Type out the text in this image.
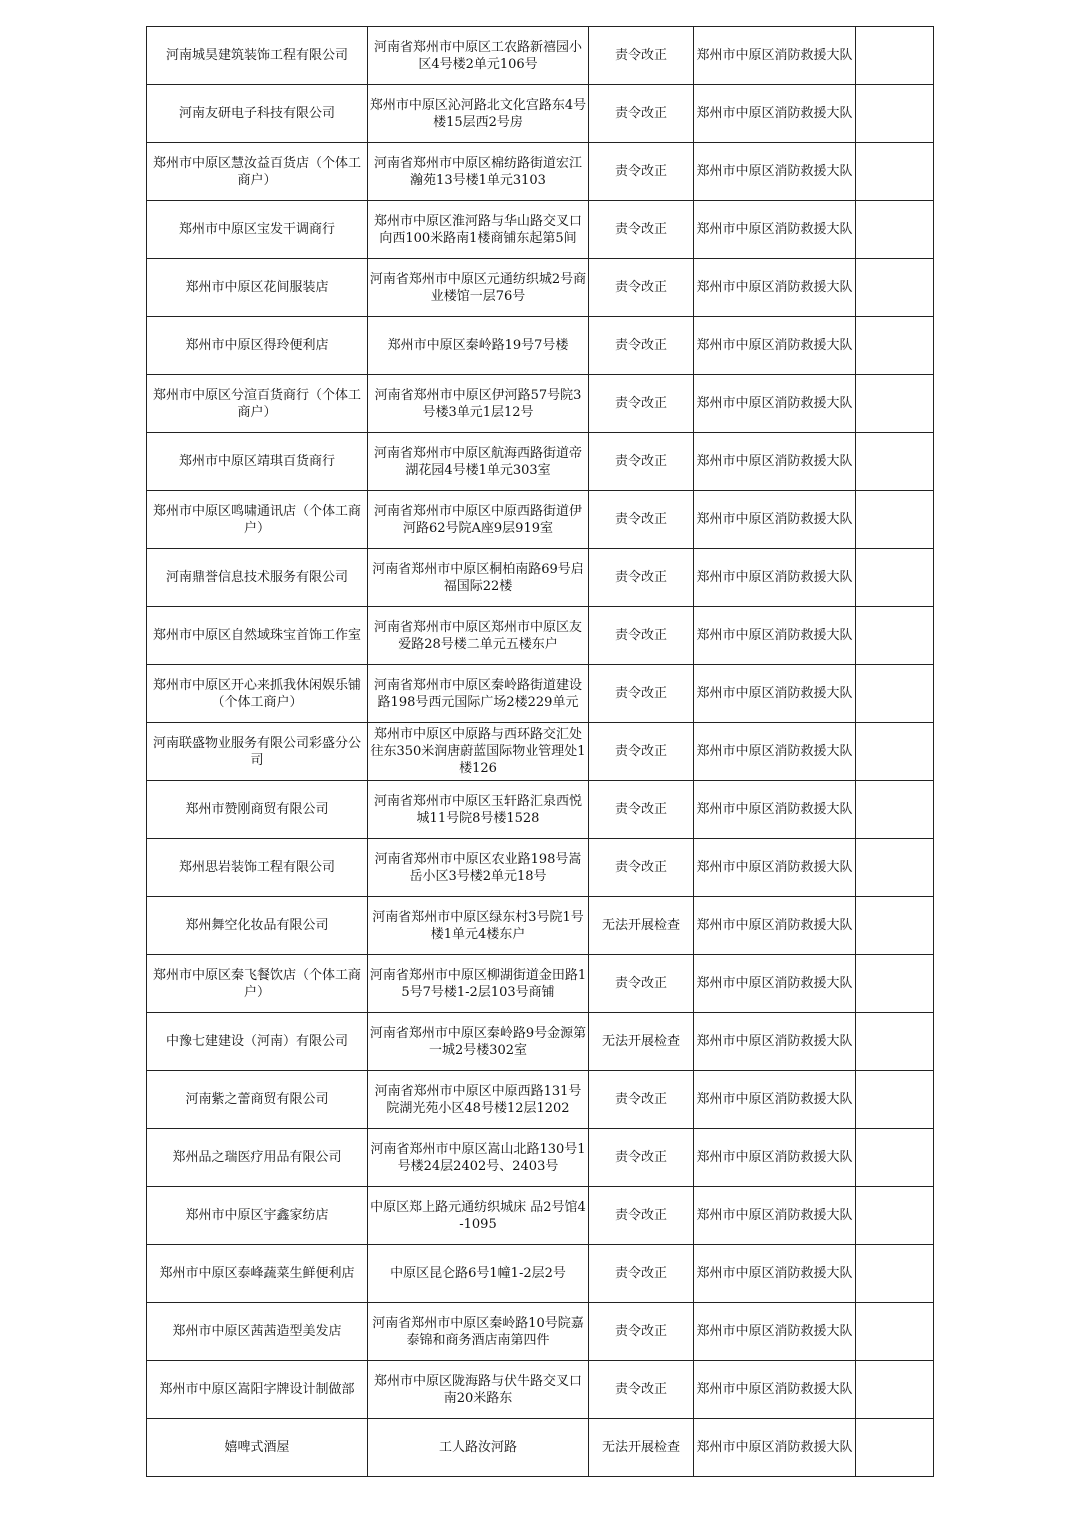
河南城昊建筑装饰工程有限公司	河南省郑州市中原区工农路新禧园小区4号楼2单元106号	责令改正	郑州市中原区消防救援大队	
河南友研电子科技有限公司	郑州市中原区沁河路北文化宫路东4号楼15层西2号房	责令改正	郑州市中原区消防救援大队	
郑州市中原区慧汝益百货店（个体工商户）	河南省郑州市中原区棉纺路街道宏江瀚苑13号楼1单元3103	责令改正	郑州市中原区消防救援大队	
郑州市中原区宝发干调商行	郑州市中原区淮河路与华山路交叉口向西100米路南1楼商铺东起第5间	责令改正	郑州市中原区消防救援大队	
郑州市中原区花间服装店	河南省郑州市中原区元通纺织城2号商业楼馆一层76号	责令改正	郑州市中原区消防救援大队	
郑州市中原区得玲便利店	郑州市中原区秦岭路19号7号楼	责令改正	郑州市中原区消防救援大队	
郑州市中原区兮渲百货商行（个体工商户）	河南省郑州市中原区伊河路57号院3号楼3单元1层12号	责令改正	郑州市中原区消防救援大队	
郑州市中原区靖琪百货商行	河南省郑州市中原区航海西路街道帝湖花园4号楼1单元303室	责令改正	郑州市中原区消防救援大队	
郑州市中原区鸣啸通讯店（个体工商户）	河南省郑州市中原区中原西路街道伊河路62号院A座9层919室	责令改正	郑州市中原区消防救援大队	
河南鼎誉信息技术服务有限公司	河南省郑州市中原区桐柏南路69号启福国际22楼	责令改正	郑州市中原区消防救援大队	
郑州市中原区自然域珠宝首饰工作室	河南省郑州市中原区郑州市中原区友爱路28号楼二单元五楼东户	责令改正	郑州市中原区消防救援大队	
郑州市中原区开心来抓我休闲娱乐铺（个体工商户）	河南省郑州市中原区秦岭路街道建设路198号西元国际广场2楼229单元	责令改正	郑州市中原区消防救援大队	
河南联盛物业服务有限公司彩盛分公司	郑州市中原区中原路与西环路交汇处往东350米润唐蔚蓝国际物业管理处1楼126	责令改正	郑州市中原区消防救援大队	
郑州市赞刚商贸有限公司	河南省郑州市中原区玉轩路汇泉西悦城11号院8号楼1528	责令改正	郑州市中原区消防救援大队	
郑州思岩装饰工程有限公司	河南省郑州市中原区农业路198号嵩岳小区3号楼2单元18号	责令改正	郑州市中原区消防救援大队	
郑州舞空化妆品有限公司	河南省郑州市中原区绿东村3号院1号楼1单元4楼东户	无法开展检查	郑州市中原区消防救援大队	
郑州市中原区秦飞餐饮店（个体工商户）	河南省郑州市中原区柳湖街道金田路15号7号楼1-2层103号商铺	责令改正	郑州市中原区消防救援大队	
中豫七建建设（河南）有限公司	河南省郑州市中原区秦岭路9号金源第一城2号楼302室	无法开展检查	郑州市中原区消防救援大队	
河南紫之蕾商贸有限公司	河南省郑州市中原区中原西路131号院湖光苑小区48号楼12层1202	责令改正	郑州市中原区消防救援大队	
郑州品之瑞医疗用品有限公司	河南省郑州市中原区嵩山北路130号1号楼24层2402号、2403号	责令改正	郑州市中原区消防救援大队	
郑州市中原区宇鑫家纺店	中原区郑上路元通纺织城床 品2号馆4-1095	责令改正	郑州市中原区消防救援大队	
郑州市中原区泰峰蔬菜生鲜便利店	中原区昆仑路6号1幢1-2层2号	责令改正	郑州市中原区消防救援大队	
郑州市中原区茜茜造型美发店	河南省郑州市中原区秦岭路10号院嘉泰锦和商务酒店南第四件	责令改正	郑州市中原区消防救援大队	
郑州市中原区嵩阳字牌设计制做部	郑州市中原区陇海路与伏牛路交叉口南20米路东	责令改正	郑州市中原区消防救援大队	
嬉啤式酒屋	工人路汝河路	无法开展检查	郑州市中原区消防救援大队	
